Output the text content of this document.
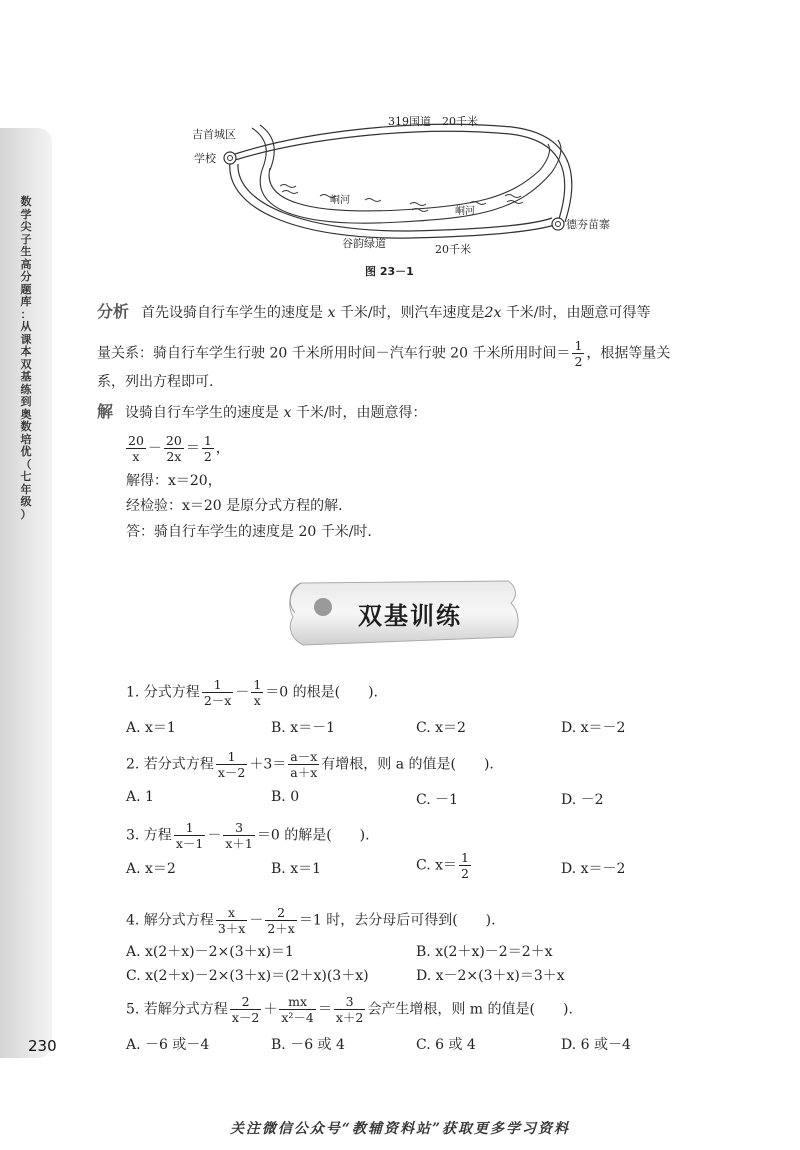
数
学
尖
子
生
高
分
题
库
：
从
课
本
双
基
练
到
奥
数
培
优
（
七
年
级
）
230
吉首城区
学校
319国道　20千米
峒河
峒河
德夯苗寨
谷韵绿道	20千米
图 23－1
分析 首先设骑自行车学生的速度是 x 千米/时，则汽车速度是2x 千米/时，由题意可得等
量关系：骑自行车学生行驶 20 千米所用时间－汽车行驶 20 千米所用时间＝ $\frac{1}{2}$ ，根据等量关
系，列出方程即可.
解 设骑自行车学生的速度是 x 千米/时，由题意得：
$\frac{20}{x} - \frac{20}{2x} = \frac{1}{2}$ ，
解得：x＝20，
经检验：x＝20 是原分式方程的解.
答：骑自行车学生的速度是 20 千米/时.
双基训练
1. 分式方程 $\frac{1}{2-x} - \frac{1}{x} =0$ 的根是(　　).
A. x＝1	B. x＝－1	C. x＝2	D. x＝－2
2. 若分式方程 $\frac{1}{x-2} +3= \frac{a-x}{a+x}$ 有增根，则 a 的值是(　　).
A. 1	B. 0	C. －1	D. －2
3. 方程 $\frac{1}{x-1} - \frac{3}{x+1} =0$ 的解是(　　).
A. x＝2	B. x＝1	C. $x= \frac{1}{2}$	D. x＝－2
4. 解分式方程 $\frac{x}{3+x} - \frac{2}{2+x} =1$ 时，去分母后可得到(　　).
A. x(2＋x)－2×(3＋x)＝1	B. x(2＋x)－2＝2＋x
C. x(2＋x)－2×(3＋x)＝(2＋x)(3＋x)	D. x－2×(3＋x)＝3＋x
5. 若解分式方程 $\frac{2}{x-2} + \frac{mx}{\text{x²－4}} = \frac{3}{x+2}$ 会产生增根，则 m 的值是(　　).
A. －6 或－4	B. －6 或 4	C. 6 或 4	D. 6 或－4
关注微信公众号“教辅资料站”获取更多学习资料
